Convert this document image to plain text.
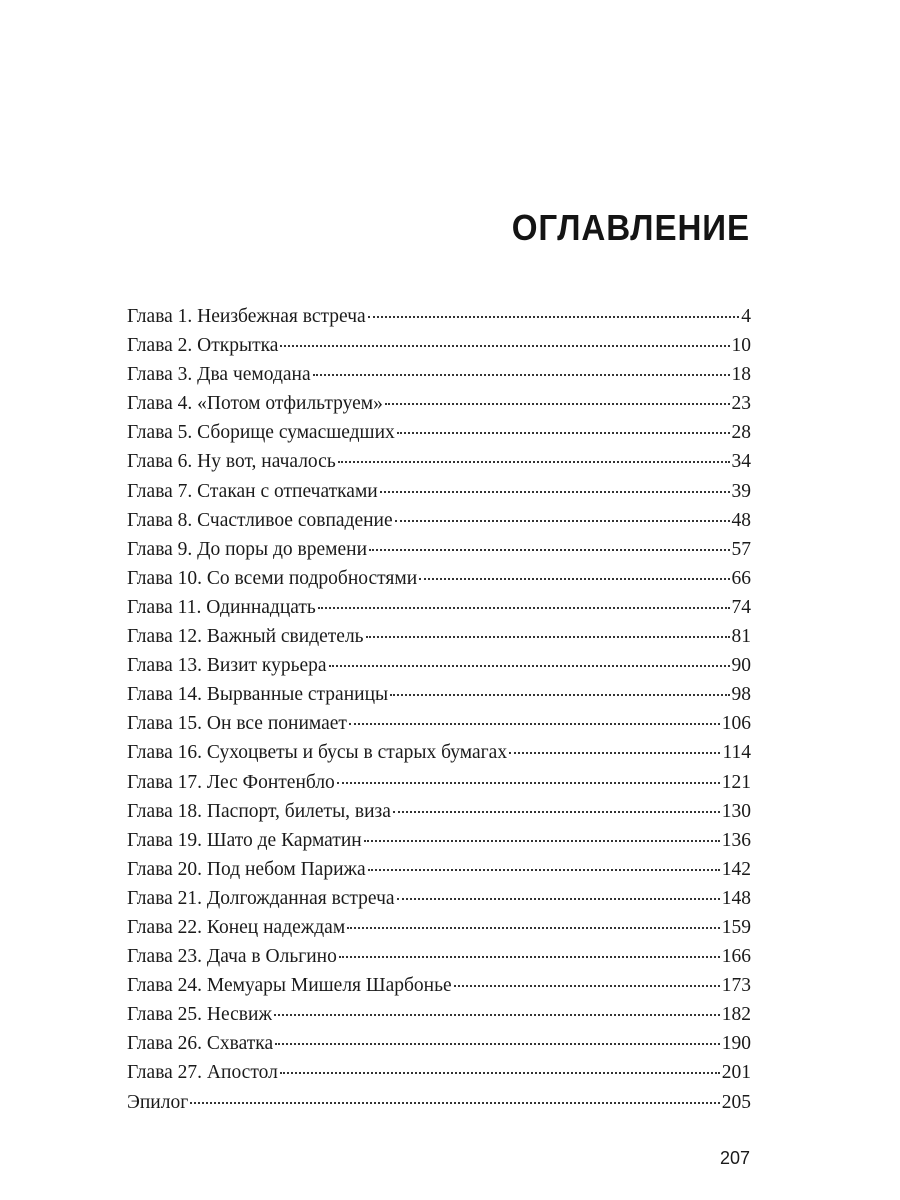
ОГЛАВЛЕНИЕ
Глава 1. Неизбежная встреча	4
Глава 2. Открытка	10
Глава 3. Два чемодана	18
Глава 4. «Потом отфильтруем»	23
Глава 5. Сборище сумасшедших	28
Глава 6. Ну вот, началось	34
Глава 7. Стакан с отпечатками	39
Глава 8. Счастливое совпадение	48
Глава 9. До поры до времени	57
Глава 10. Со всеми подробностями	66
Глава 11. Одиннадцать	74
Глава 12. Важный свидетель	81
Глава 13. Визит курьера	90
Глава 14. Вырванные страницы	98
Глава 15. Он все понимает	106
Глава 16. Сухоцветы и бусы в старых бумагах	114
Глава 17. Лес Фонтенбло	121
Глава 18. Паспорт, билеты, виза	130
Глава 19. Шато де Карматин	136
Глава 20. Под небом Парижа	142
Глава 21. Долгожданная встреча	148
Глава 22. Конец надеждам	159
Глава 23. Дача в Ольгино	166
Глава 24. Мемуары Мишеля Шарбонье	173
Глава 25. Несвиж	182
Глава 26. Схватка	190
Глава 27. Апостол	201
Эпилог	205

207
